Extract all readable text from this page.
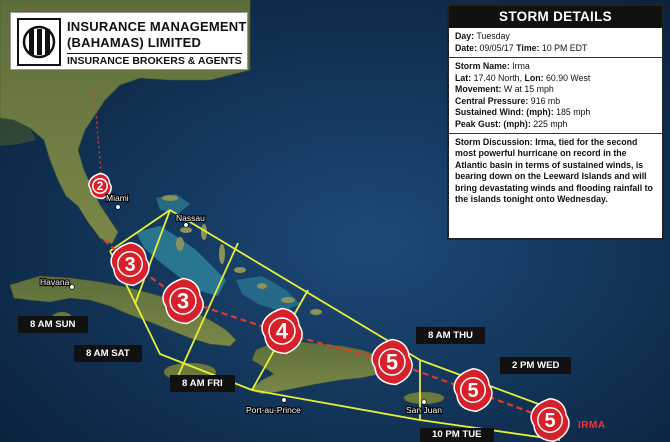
5
5
5
4
3
3
2
Miami
Nassau
Havana
Port-au-Prince	San Juan
INSURANCE MANAGEMENT
(BAHAMAS) LIMITED
INSURANCE BROKERS & AGENTS
STORM DETAILS
Day: Tuesday
Date: 09/05/17 Time: 10 PM EDT
Storm Name: Irma
Lat: 17.40 North, Lon: 60.90 West
Movement: W at 15 mph
Central Pressure: 916 mb
Sustained Wind: (mph): 185 mph
Peak Gust: (mph): 225 mph
Storm Discussion: Irma, tied for the second most powerful hurricane on record in the Atlantic basin in terms of sustained winds, is bearing down on the Leeward Islands and will bring devastating winds and flooding rainfall to the islands tonight onto Wednesday.
8 AM SUN
8 AM SAT
8 AM FRI
8 AM THU
2 PM WED
10 PM TUE
IRMA
